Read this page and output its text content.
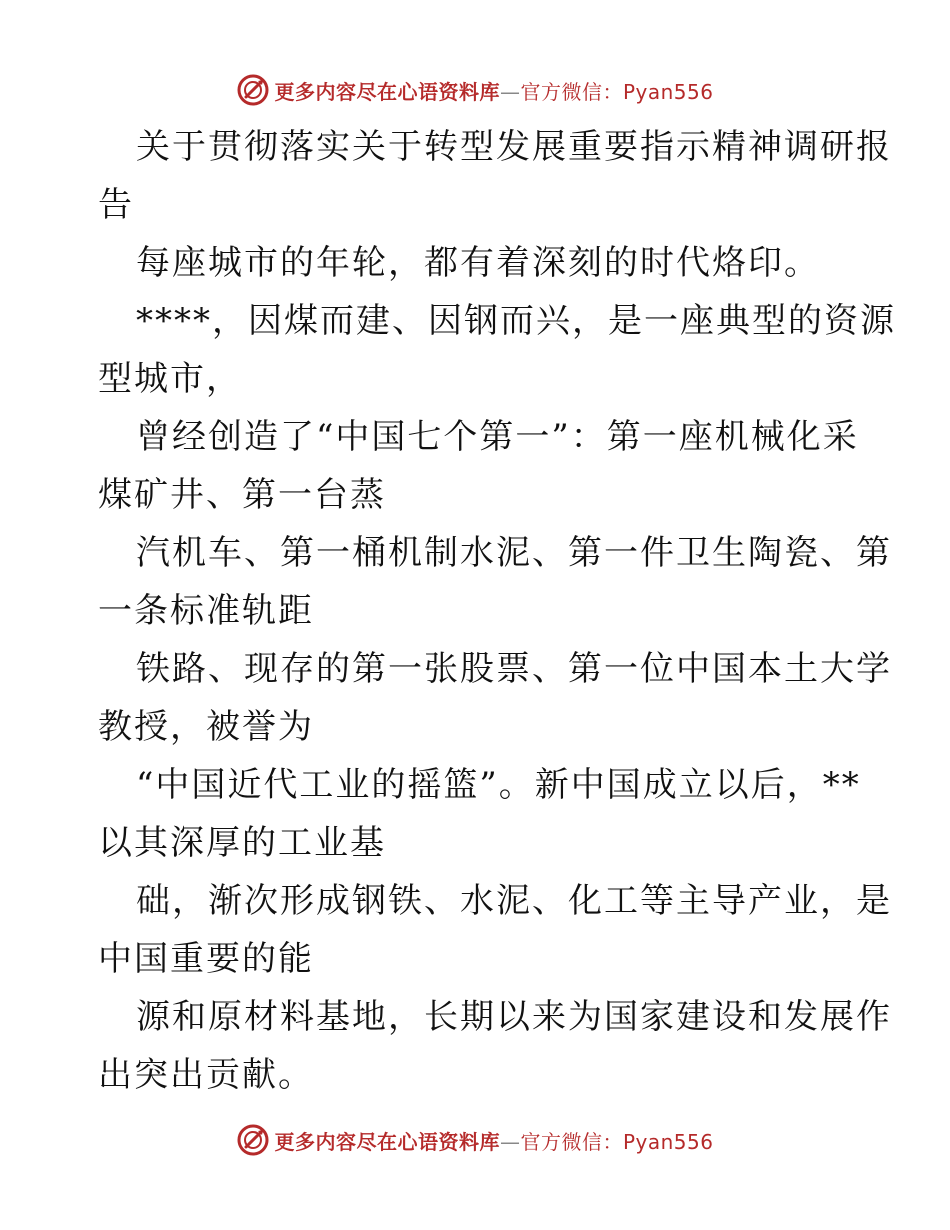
更多内容尽在心语资料库—官方微信：Pyan556
关于贯彻落实关于转型发展重要指示精神调研报
告
每座城市的年轮，都有着深刻的时代烙印。
****，因煤而建、因钢而兴，是一座典型的资源
型城市，
曾经创造了“中国七个第一”：第一座机械化采
煤矿井、第一台蒸
汽机车、第一桶机制水泥、第一件卫生陶瓷、第
一条标准轨距
铁路、现存的第一张股票、第一位中国本土大学
教授，被誉为
“中国近代工业的摇篮”。新中国成立以后，**
以其深厚的工业基
础，渐次形成钢铁、水泥、化工等主导产业，是
中国重要的能
源和原材料基地，长期以来为国家建设和发展作
出突出贡献。
更多内容尽在心语资料库—官方微信：Pyan556
